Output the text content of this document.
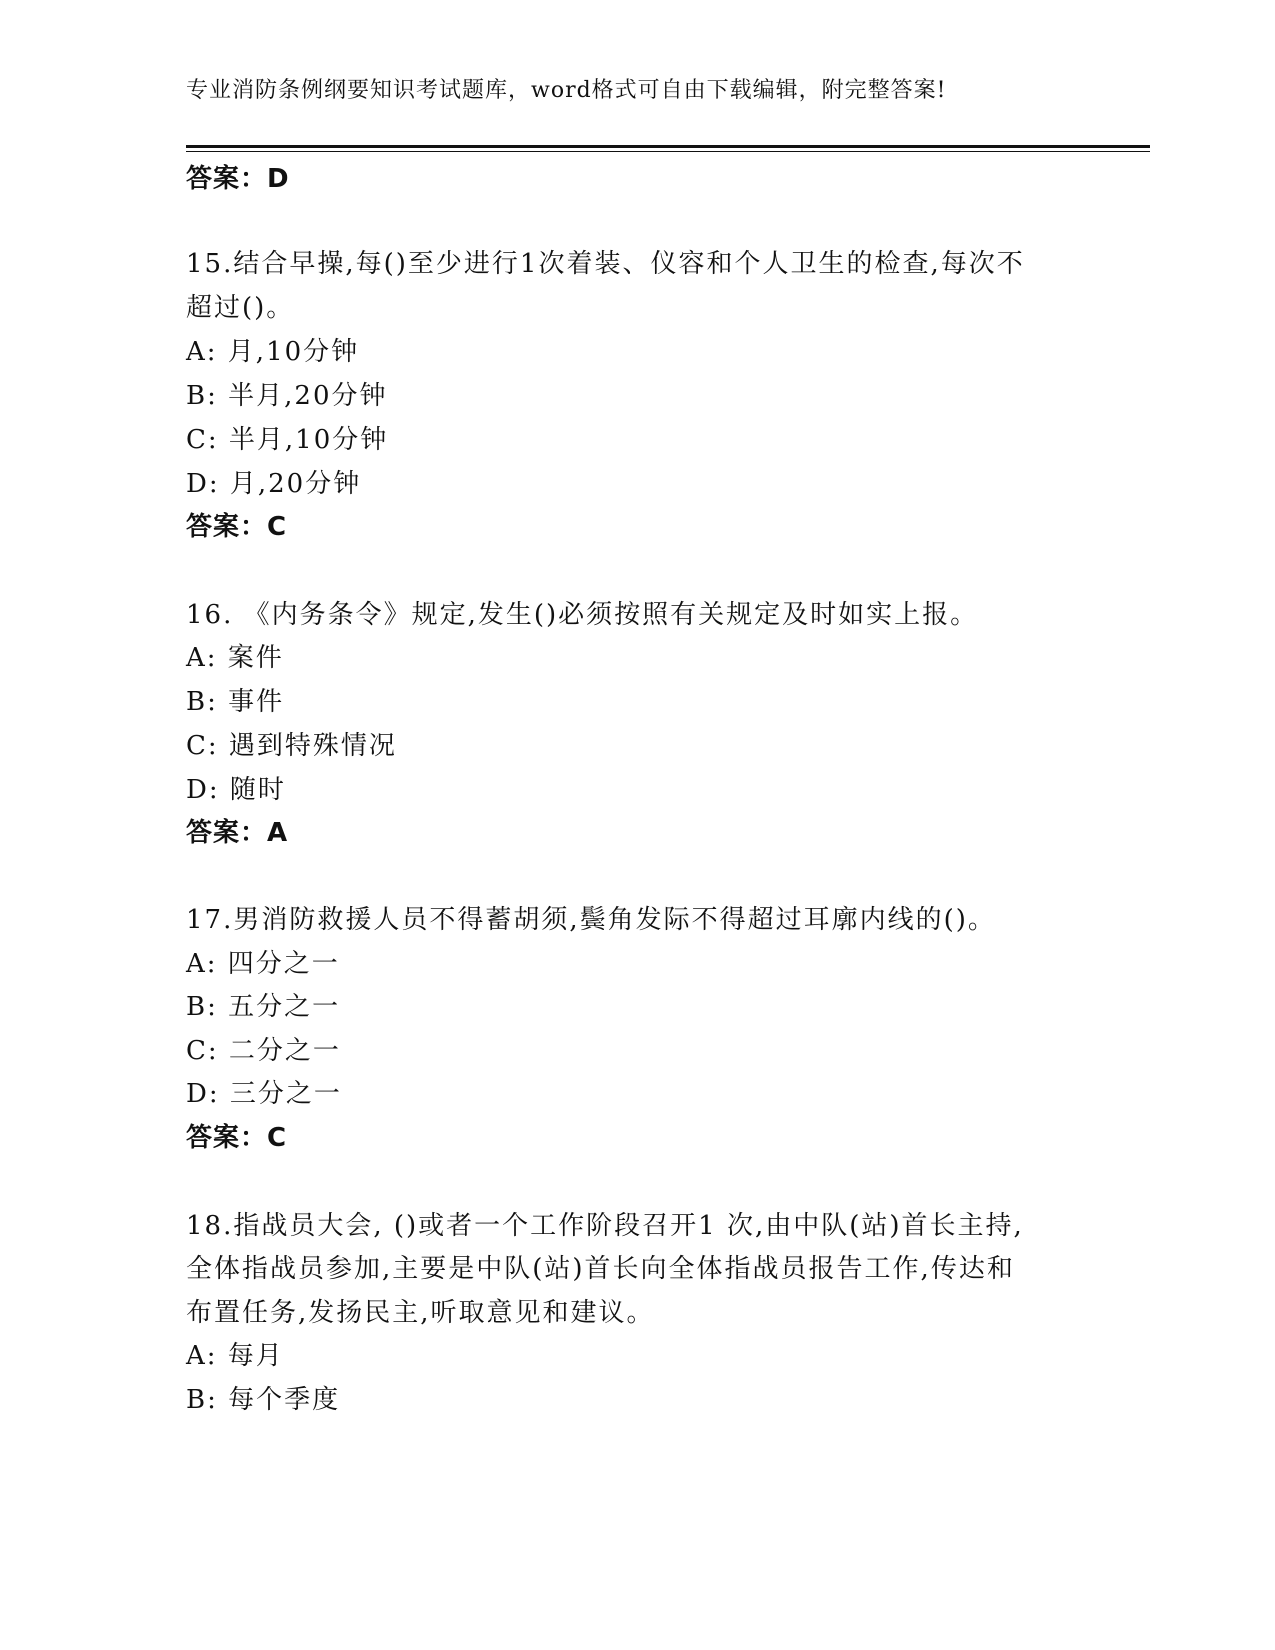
专业消防条例纲要知识考试题库，word格式可自由下载编辑，附完整答案!
答案：D
15.结合早操,每()至少进行1次着装、仪容和个人卫生的检查,每次不
超过()。
A: 月,10分钟
B: 半月,20分钟
C: 半月,10分钟
D: 月,20分钟
答案：C
16. 《内务条令》规定,发生()必须按照有关规定及时如实上报。
A: 案件
B: 事件
C: 遇到特殊情况
D: 随时
答案：A
17.男消防救援人员不得蓄胡须,鬓角发际不得超过耳廓内线的()。
A: 四分之一
B: 五分之一
C: 二分之一
D: 三分之一
答案：C
18.指战员大会, ()或者一个工作阶段召开1 次,由中队(站)首长主持,
全体指战员参加,主要是中队(站)首长向全体指战员报告工作,传达和
布置任务,发扬民主,听取意见和建议。
A: 每月
B: 每个季度
